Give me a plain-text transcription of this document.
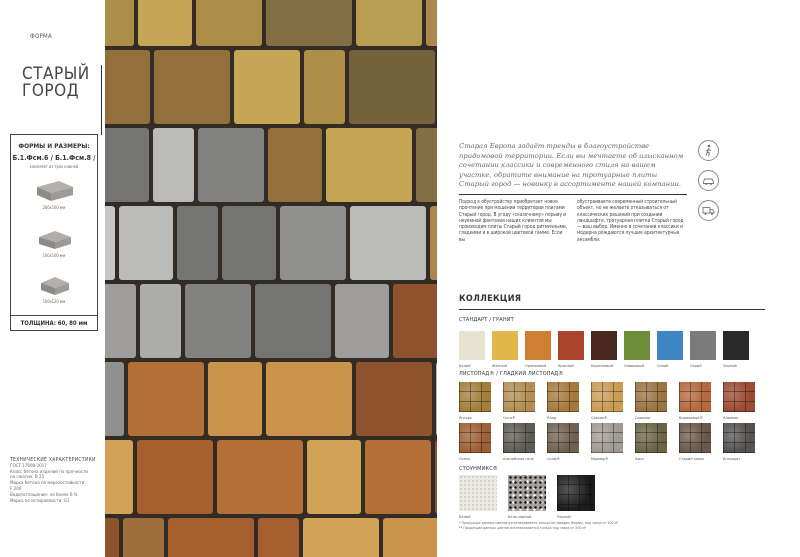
ФОРМА
СТАРЫЙ
ГОРОД
ФОРМЫ И РАЗМЕРЫ:
Б.1.Фсм.6 / Б.1.Фсм.8 /
комплект из трех камней
260х160 мм
160х160 мм
160х120 мм
ТОЛЩИНА: 60, 80 мм
ТЕХНИЧЕСКИЕ ХАРАКТЕРИСТИКИ
ГОСТ 17608-2017
Класс бетона изделий по прочности
на сжатие: В 25
Марка бетона по морозостойкости:
F 200
Водопоглощение: не более 6 %
Марка по истираемости: G1
Старая Европа задаёт тренды в благоустройстве придомовой территории. Если вы мечтаете об изысканном сочетании классики и современного стиля на вашем участке, обратите внимание на тротуарные плиты Старый город — новинку в ассортименте нашей компании.
Подход к обустройству приобретает новое прочтение при мощении территории плитами Старый город. В угоду «сказочному» порыву и неуемной фантазии наших клиентов мы производим плиты Старый город ритмичными, гладкими и в широкой цветовой гамме. Если вы
обустраиваете современный строительный объект, но не желаете отказываться от классических решений при создании ландшафта, тротуарная плитка Старый город — ваш выбор. Именно в сочетании классики и модерна рождаются лучшие архитектурные ансамбли.
КОЛЛЕКЦИЯ
СТАНДАРТ / ГРАНИТ
ЛИСТОПАД® / ГЛАДКИЙ ЛИСТОПАД®
СТОУНМИКС®
Белый	Желтый	Оранжевый	Красный	Коричневый	Оливковый	Синий	Серый	Черный
Янтарь	Сити®	Клад	Сахара®	Саванна	Бирюзовый®	Клинкер
Осень	Альпийская ночь	Скиф®	Мрамор®	Хаки	Старый замок	Антрацит
Белый	Бело-черный	Черный
* Продукция данных цветов изготавливается только на заводах Формы, под заказ от 200 м²
** Продукция данных цветов изготавливается только под заказ от 200 м²
